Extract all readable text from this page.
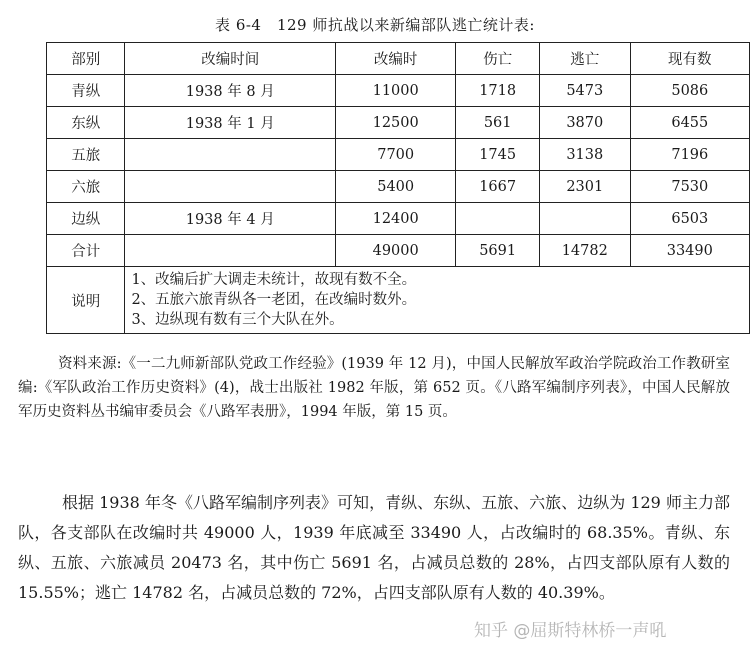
表 6-4　129 师抗战以来新编部队逃亡统计表:
部别	改编时间	改编时	伤亡	逃亡	现有数
青纵	1938 年 8 月	11000	1718	5473	5086
东纵	1938 年 1 月	12500	561	3870	6455
五旅		7700	1745	3138	7196
六旅		5400	1667	2301	7530
边纵	1938 年 4 月	12400			6503
合计		49000	5691	14782	33490
说明	1、改编后扩大调走未统计，故现有数不全。
2、五旅六旅青纵各一老团，在改编时数外。
3、边纵现有数有三个大队在外。				
资料来源:《一二九师新部队党政工作经验》(1939 年 12 月)，中国人民解放军政治学院政治工作教研室编:《军队政治工作历史资料》(4)，战士出版社 1982 年版，第 652 页。《八路军编制序列表》，中国人民解放军历史资料丛书编审委员会《八路军表册》，1994 年版，第 15 页。
根据 1938 年冬《八路军编制序列表》可知，青纵、东纵、五旅、六旅、边纵为 129 师主力部队，各支部队在改编时共 49000 人，1939 年底减至 33490 人，占改编时的 68.35%。青纵、东纵、五旅、六旅减员 20473 名，其中伤亡 5691 名，占减员总数的 28%，占四支部队原有人数的 15.55%；逃亡 14782 名，占减员总数的 72%，占四支部队原有人数的 40.39%。
知乎 @屈斯特林桥一声吼
